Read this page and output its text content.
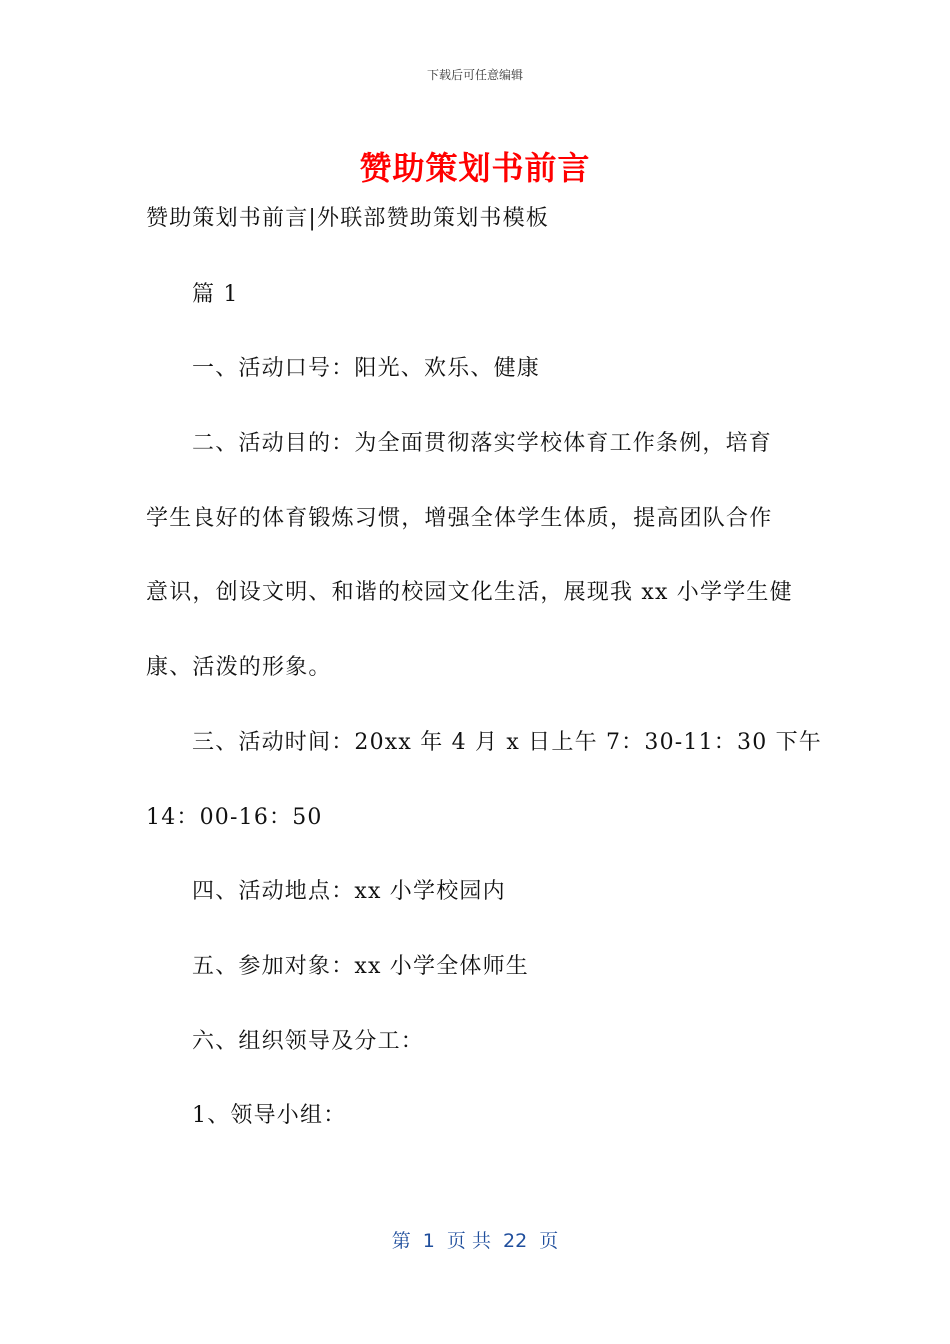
下载后可任意编辑
赞助策划书前言
赞助策划书前言|外联部赞助策划书模板
篇 1
一、活动口号：阳光、欢乐、健康
二、活动目的：为全面贯彻落实学校体育工作条例，培育
学生良好的体育锻炼习惯，增强全体学生体质，提高团队合作
意识，创设文明、和谐的校园文化生活，展现我 xx 小学学生健
康、活泼的形象。
三、活动时间：20xx 年 4 月 x 日上午 7：30-11：30 下午
14：00-16：50
四、活动地点：xx 小学校园内
五、参加对象：xx 小学全体师生
六、组织领导及分工：
1、领导小组：
第  1  页 共  22  页
